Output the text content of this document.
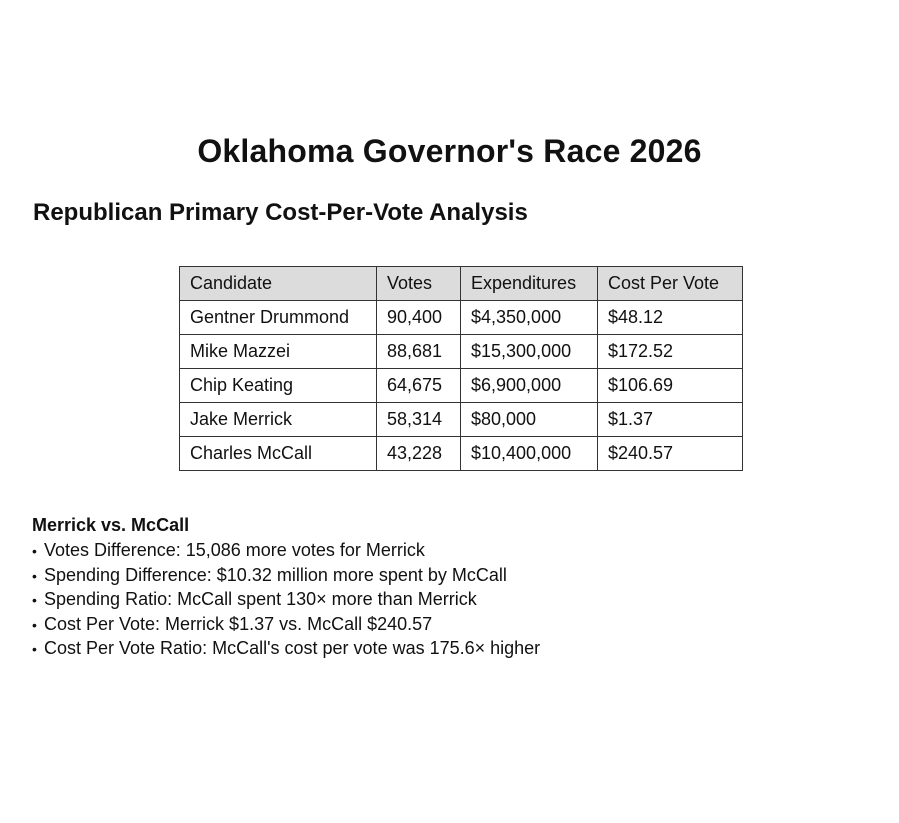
Oklahoma Governor's Race 2026
Republican Primary Cost-Per-Vote Analysis
Candidate	Votes	Expenditures	Cost Per Vote
Gentner Drummond	90,400	$4,350,000	$48.12
Mike Mazzei	88,681	$15,300,000	$172.52
Chip Keating	64,675	$6,900,000	$106.69
Jake Merrick	58,314	$80,000	$1.37
Charles McCall	43,228	$10,400,000	$240.57
Merrick vs. McCall
• Votes Difference: 15,086 more votes for Merrick
• Spending Difference: $10.32 million more spent by McCall
• Spending Ratio: McCall spent 130× more than Merrick
• Cost Per Vote: Merrick $1.37 vs. McCall $240.57
• Cost Per Vote Ratio: McCall's cost per vote was 175.6× higher
